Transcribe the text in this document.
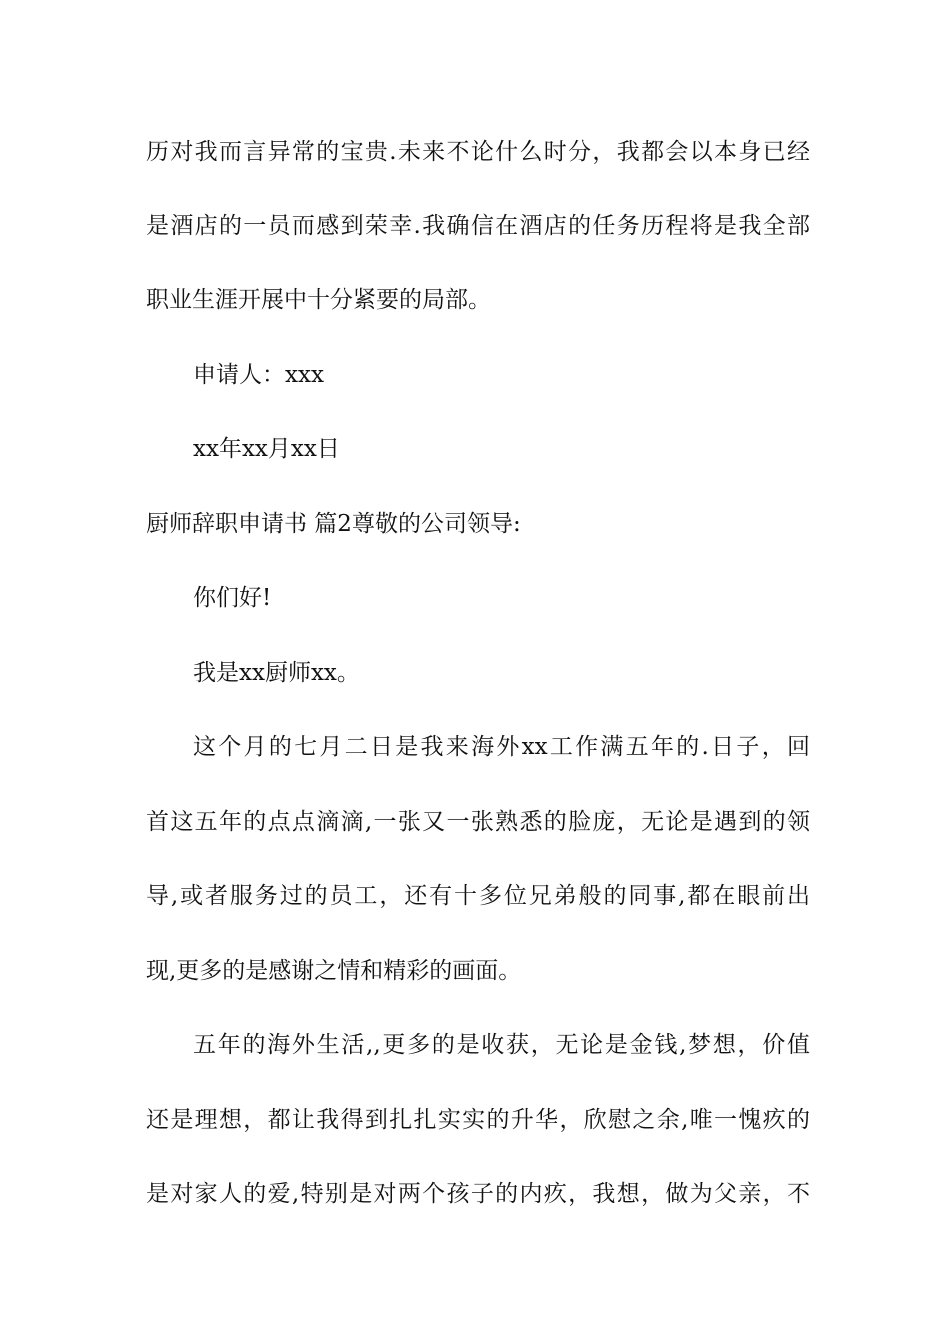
历对我而言异常的宝贵.未来不论什么时分，我都会以本身已经
是酒店的一员而感到荣幸.我确信在酒店的任务历程将是我全部
职业生涯开展中十分紧要的局部。
申请人：xxx
xx年xx月xx日
厨师辞职申请书 篇2尊敬的公司领导:
你们好!
我是xx厨师xx。
这个月的七月二日是我来海外xx工作满五年的.日子，回
首这五年的点点滴滴,一张又一张熟悉的脸庞，无论是遇到的领
导,或者服务过的员工，还有十多位兄弟般的同事,都在眼前出
现,更多的是感谢之情和精彩的画面。
五年的海外生活,,更多的是收获，无论是金钱,梦想，价值
还是理想，都让我得到扎扎实实的升华，欣慰之余,唯一愧疚的
是对家人的爱,特别是对两个孩子的内疚，我想，做为父亲，不
